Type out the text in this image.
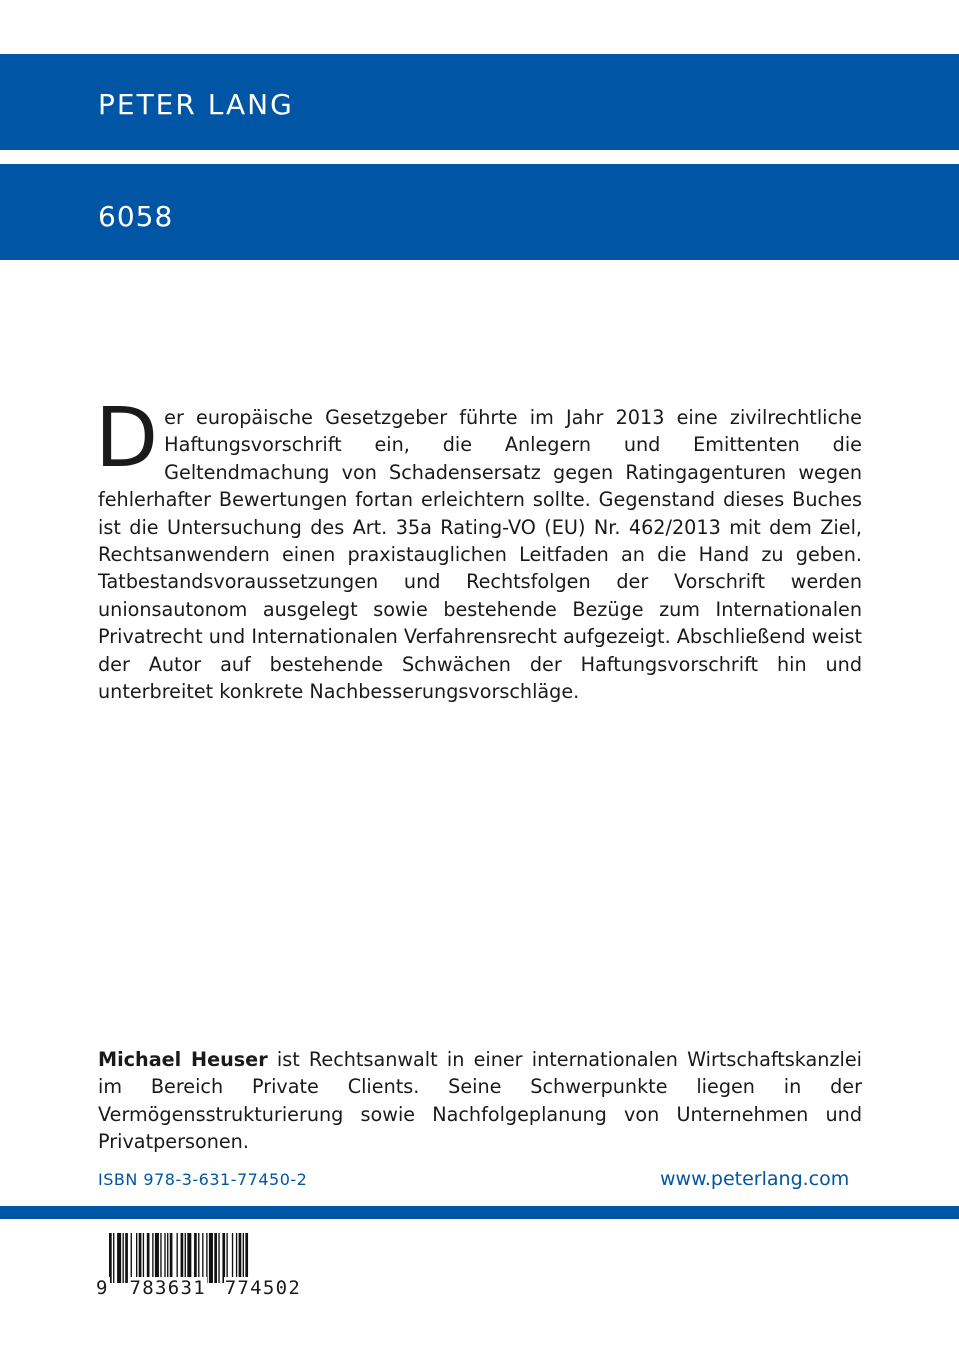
PETER LANG
6058
Der europäische Gesetzgeber führte im Jahr 2013 eine zivilrechtliche Haftungsvorschrift ein, die Anlegern und Emittenten die Geltendmachung von Schadensersatz gegen Ratingagenturen wegen fehlerhafter Bewertungen fortan erleichtern sollte. Gegenstand dieses Buches ist die Untersuchung des Art. 35a Rating-VO (EU) Nr. 462/2013 mit dem Ziel, Rechtsanwendern einen praxistauglichen Leitfaden an die Hand zu geben. Tatbestandsvoraussetzungen und Rechtsfolgen der Vorschrift werden unionsautonom ausgelegt sowie bestehende Bezüge zum Internationalen Privatrecht und Internationalen Verfahrensrecht aufgezeigt. Abschließend weist der Autor auf bestehende Schwächen der Haftungsvorschrift hin und unterbreitet konkrete Nachbesserungsvorschläge.
Michael Heuser ist Rechtsanwalt in einer internationalen Wirtschaftskanzlei im Bereich Private Clients. Seine Schwerpunkte liegen in der Vermögensstrukturierung sowie Nachfolgeplanung von Unternehmen und Privatpersonen.
ISBN 978-3-631-77450-2	www.peterlang.com
9 783631 774502
